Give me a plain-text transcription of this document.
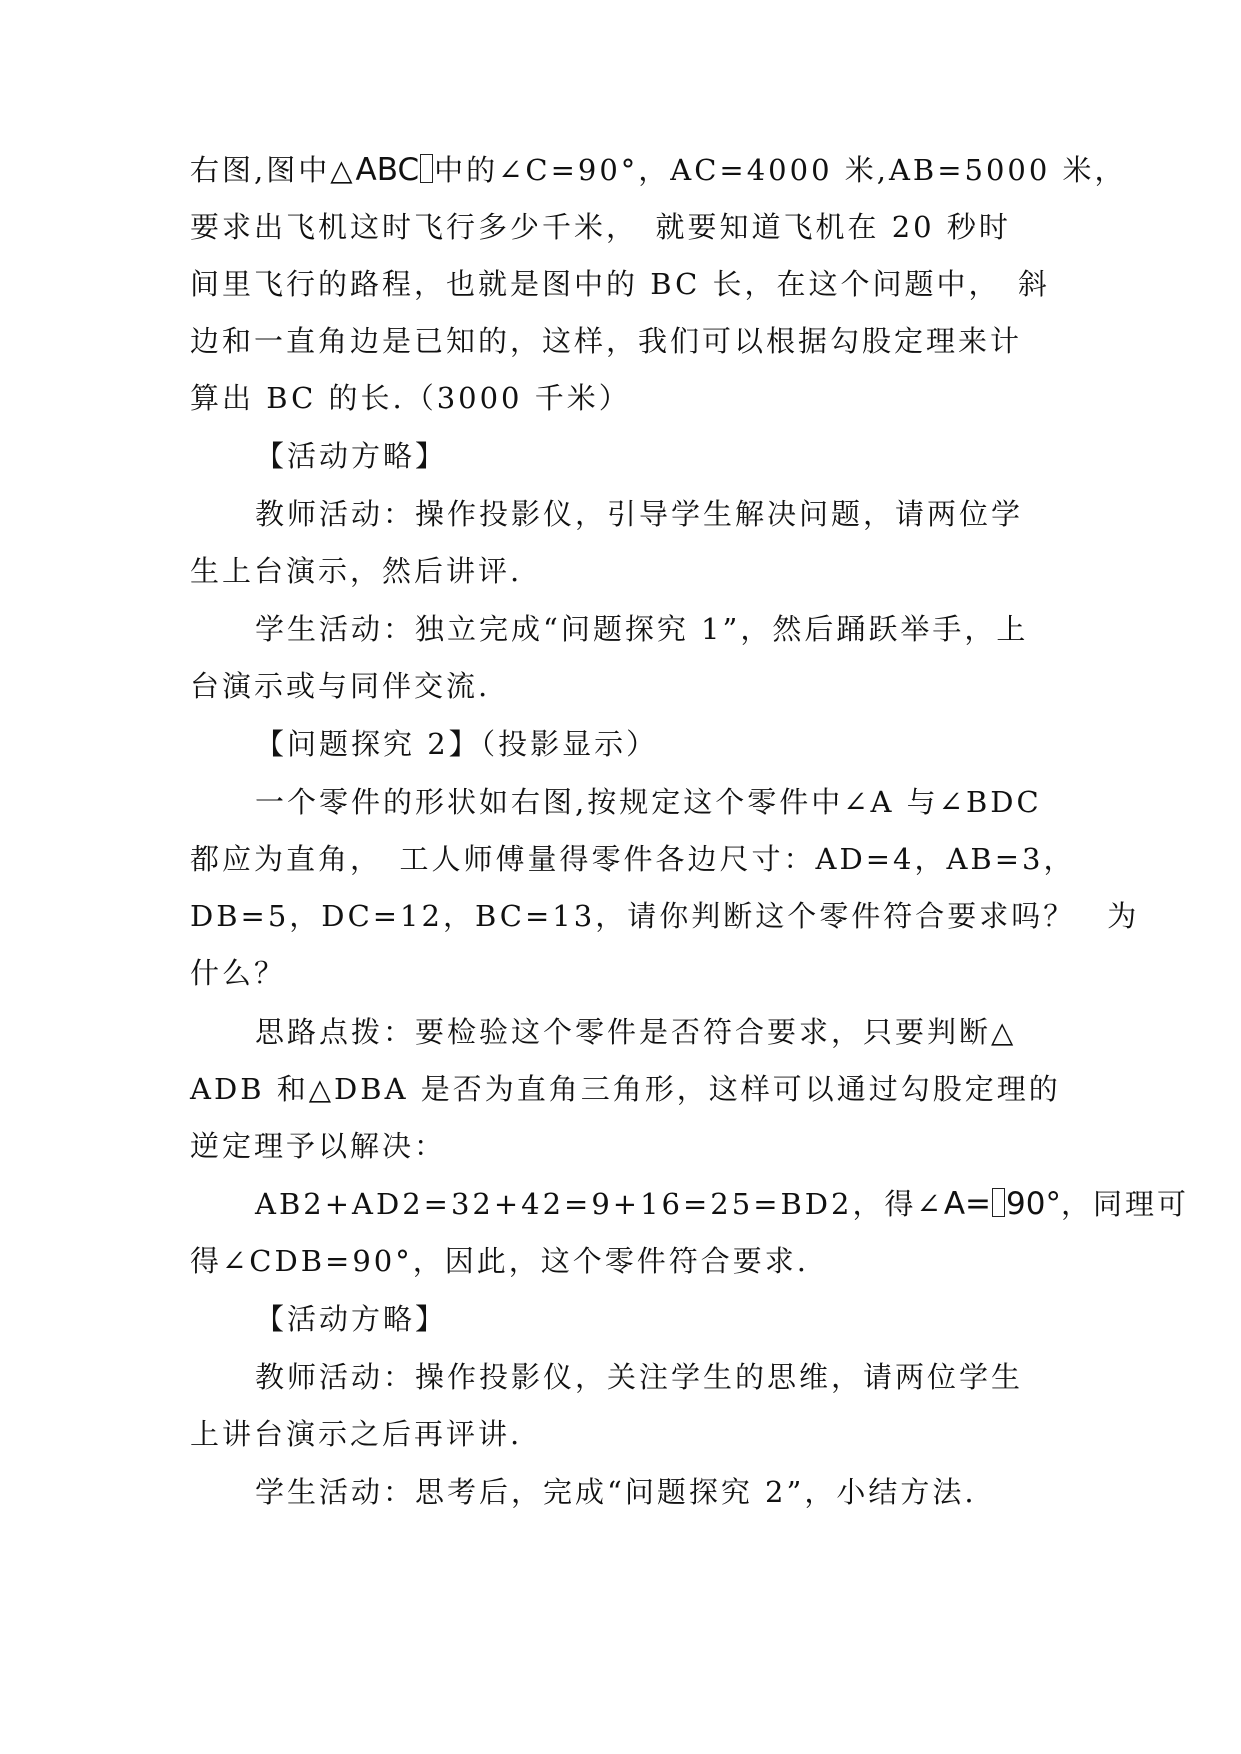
右图,图中△ABC 中的∠C=90°，AC=4000 米,AB=5000 米，
要求出飞机这时飞行多少千米，　就要知道飞机在 20 秒时
间里飞行的路程，也就是图中的 BC 长，在这个问题中，　斜
边和一直角边是已知的，这样，我们可以根据勾股定理来计
算出 BC 的长.（3000 千米）
【活动方略】
教师活动：操作投影仪，引导学生解决问题，请两位学
生上台演示，然后讲评.
学生活动：独立完成“问题探究 1”，然后踊跃举手，上
台演示或与同伴交流.
【问题探究 2】（投影显示）
一个零件的形状如右图,按规定这个零件中∠A 与∠BDC
都应为直角，　工人师傅量得零件各边尺寸：AD=4，AB=3，
DB=5，DC=12，BC=13，请你判断这个零件符合要求吗？　为
什么？
思路点拨：要检验这个零件是否符合要求，只要判断△
ADB 和△DBA 是否为直角三角形，这样可以通过勾股定理的
逆定理予以解决：
AB2+AD2=32+42=9+16=25=BD2，得∠A= 90°，同理可
得∠CDB=90°，因此，这个零件符合要求.
【活动方略】
教师活动：操作投影仪，关注学生的思维，请两位学生
上讲台演示之后再评讲.
学生活动：思考后，完成“问题探究 2”，小结方法.
